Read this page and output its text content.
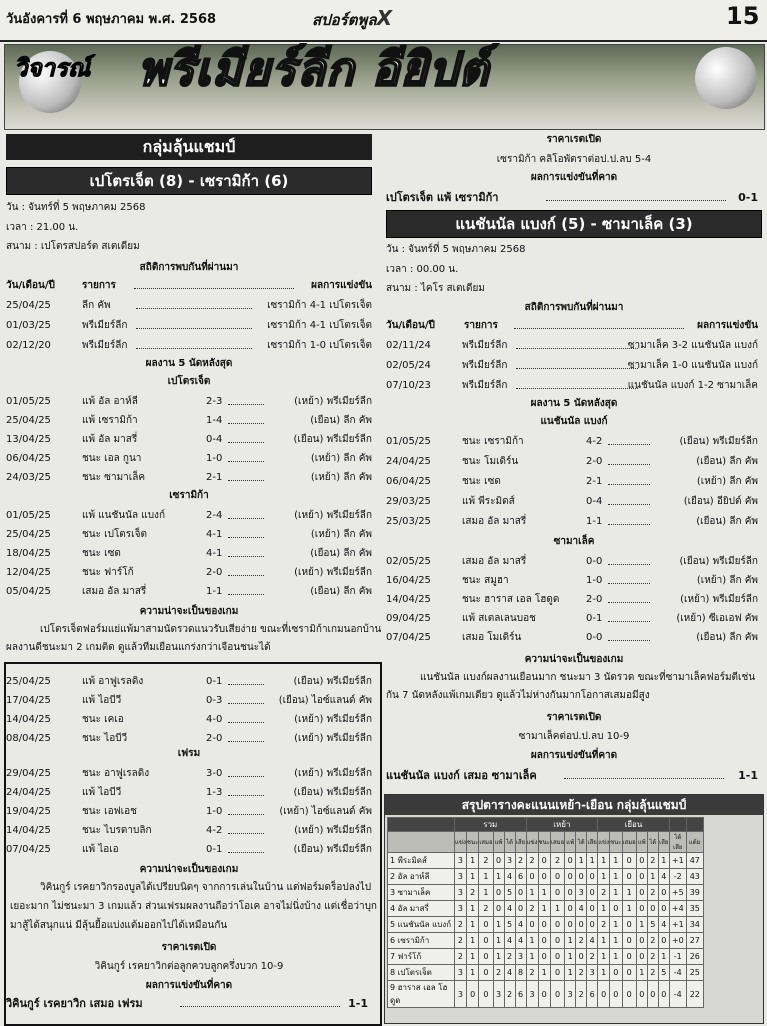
วันอังคารที่ 6 พฤษภาคม พ.ศ. 2568	สปอร์ตพูลX	15
วิจารณ์ พรีเมียร์ลีก อียิปต์
กลุ่มลุ้นแชมป์
เปโตรเจ็ต (8) - เซรามิก้า (6)
วัน : จันทร์ที่ 5 พฤษภาคม 2568
เวลา : 21.00 น.
สนาม : เปโตรสปอร์ต สเตเดียม
สถิติการพบกันที่ผ่านมา
วัน/เดือน/ปี	รายการ	ผลการแข่งขัน
25/04/25	ลีก คัพ	เซรามิก้า 4-1 เปโตรเจ็ต
01/03/25	พรีเมียร์ลีก	เซรามิก้า 4-1 เปโตรเจ็ต
02/12/20	พรีเมียร์ลีก	เซรามิก้า 1-0 เปโตรเจ็ต
ผลงาน 5 นัดหลังสุด
เปโตรเจ็ต
01/05/25	แพ้ อัล อาห์ลี	2-3	(เหย้า) พรีเมียร์ลีก
25/04/25	แพ้ เซรามิก้า	1-4	(เยือน) ลีก คัพ
13/04/25	แพ้ อัล มาสรี่	0-4	(เยือน) พรีเมียร์ลีก
06/04/25	ชนะ เอล กูนา	1-0	(เหย้า) ลีก คัพ
24/03/25	ชนะ ซามาเล็ค	2-1	(เหย้า) ลีก คัพ
เซรามิก้า
01/05/25	แพ้ แนชันนัล แบงก์	2-4	(เหย้า) พรีเมียร์ลีก
25/04/25	ชนะ เปโตรเจ็ต	4-1	(เหย้า) ลีก คัพ
18/04/25	ชนะ เซด	4-1	(เยือน) ลีก คัพ
12/04/25	ชนะ ฟาร์โก้	2-0	(เหย้า) พรีเมียร์ลีก
05/04/25	เสมอ อัล มาสรี่	1-1	(เยือน) ลีก คัพ
ความน่าจะเป็นของเกม
เปโตรเจ็ตฟอร์มแย่แพ้มาสามนัดรวดแนวรับเสียง่าย ขณะที่เซรามิก้าเกมนอกบ้าน
ผลงานดีชนะมา 2 เกมติด ดูแล้วทีมเยือนแกร่งกว่าเจือนชนะได้
25/04/25	แพ้ อาฟูเรลดิง	0-1	(เยือน) พรีเมียร์ลีก
17/04/25	แพ้ ไอบีวี	0-3	(เยือน) ไอซ์แลนด์ คัพ
14/04/25	ชนะ เคเอ	4-0	(เหย้า) พรีเมียร์ลีก
08/04/25	ชนะ ไอบีวี	2-0	(เหย้า) พรีเมียร์ลีก
เฟรม
29/04/25	ชนะ อาฟูเรลดิง	3-0	(เหย้า) พรีเมียร์ลีก
24/04/25	แพ้ ไอบีวี	1-3	(เยือน) พรีเมียร์ลีก
19/04/25	ชนะ เอฟเอช	1-0	(เหย้า) ไอซ์แลนด์ คัพ
14/04/25	ชนะ ไบรดาบลิก	4-2	(เหย้า) พรีเมียร์ลีก
07/04/25	แพ้ ไอเอ	0-1	(เยือน) พรีเมียร์ลีก
ความน่าจะเป็นของเกม
วิคินกูร์ เรคยาวิกรองบูลได้เปรียบนิดๆ จากการเล่นในบ้าน แต่ฟอร์มดร็อปลงไป
เยอะมาก ไม่ชนะมา 3 เกมแล้ว ส่วนเฟรมผลงานถือว่าโอเค อาจไม่นิ่งบ้าง แต่เชื่อว่าบุก
มาสู้ได้สนุกแน่ มีลุ้นยื้อแบ่งแต้มออกไปได้เหมือนกัน
ราคาเรตเปิด
วิคินกูร์ เรคยาวิกต่อลูกควบลูกครึ่งบวก 10-9
ผลการแข่งขันที่คาด
วิคินกูร์ เรคยาวิก เสมอ เฟรม	1-1
ราคาเรตเปิด
เซรามิก้า คลิโอพัตราต่อป.ป.ลบ 5-4
ผลการแข่งขันที่คาด
เปโตรเจ็ต แพ้ เซรามิก้า	0-1
แนชันนัล แบงก์ (5) - ซามาเล็ค (3)
วัน : จันทร์ที่ 5 พฤษภาคม 2568
เวลา : 00.00 น.
สนาม : ไคโร สเตเดียม
สถิติการพบกันที่ผ่านมา
วัน/เดือน/ปี	รายการ	ผลการแข่งขัน
02/11/24	พรีเมียร์ลีก	ซามาเล็ค 3-2 แนชันนัล แบงก์
02/05/24	พรีเมียร์ลีก	ซามาเล็ค 1-0 แนชันนัล แบงก์
07/10/23	พรีเมียร์ลีก	แนชันนัล แบงก์ 1-2 ซามาเล็ค
ผลงาน 5 นัดหลังสุด
แนชันนัล แบงก์
01/05/25	ชนะ เซรามิก้า	4-2	(เยือน) พรีเมียร์ลีก
24/04/25	ชนะ โมเดิร์น	2-0	(เยือน) ลีก คัพ
06/04/25	ชนะ เซด	2-1	(เหย้า) ลีก คัพ
29/03/25	แพ้ พีระมิดส์	0-4	(เยือน) อียิปต์ คัพ
25/03/25	เสมอ อัล มาสรี่	1-1	(เยือน) ลีก คัพ
ซามาเล็ค
02/05/25	เสมอ อัล มาสรี่	0-0	(เยือน) พรีเมียร์ลีก
16/04/25	ชนะ สมูฮา	1-0	(เหย้า) ลีก คัพ
14/04/25	ชนะ ฮาราส เอล โฮดูด	2-0	(เหย้า) พรีเมียร์ลีก
09/04/25	แพ้ สเตลเลนบอช	0-1	(เหย้า) ซีเอเอฟ คัพ
07/04/25	เสมอ โมเดิร์น	0-0	(เยือน) ลีก คัพ
ความน่าจะเป็นของเกม
แนชันนัล แบงก์ผลงานเยือนมาก ชนะมา 3 นัดรวด ขณะที่ซามาเล็คฟอร์มตีเช่น
กัน 7 นัดหลังแพ้เกมเดียว ดูแล้วไม่ห่างกันมากโอกาสเสมอมีสูง
ราคาเรตเปิด
ซามาเล็คต่อป.ป.ลบ 10-9
ผลการแข่งขันที่คาด
แนชันนัล แบงก์ เสมอ ซามาเล็ค	1-1
สรุปตารางคะแนนเหย้า-เยือน กลุ่มลุ้นแชมป์
	รวม						เหย้า						เยือน							
	แข่ง	ชนะ	เสมอ	แพ้	ได้	เสีย	แข่ง	ชนะ	เสมอ	แพ้	ได้	เสีย	แข่ง	ชนะ	เสมอ	แพ้	ได้	เสีย	ได้เสีย	แต้ม
1 พีระมิดส์	3	1	2	0	3	2	2	0	2	0	1	1	1	1	0	0	2	1	+1	47
2 อัล อาห์ลี	3	1	1	1	4	6	0	0	0	0	0	0	1	1	0	0	1	4	-2	43
3 ซามาเล็ค	3	2	1	0	5	0	1	1	0	0	3	0	2	1	1	0	2	0	+5	39
4 อัล มาสรี่	3	1	2	0	4	0	2	1	1	0	4	0	1	0	1	0	0	0	+4	35
5 แนชันนัล แบงก์	2	1	0	1	5	4	0	0	0	0	0	0	2	1	0	1	5	4	+1	34
6 เซรามิก้า	2	1	0	1	4	4	1	0	0	1	2	4	1	1	0	0	2	0	+0	27
7 ฟาร์โก้	2	1	0	1	2	3	1	0	0	1	0	2	1	1	0	0	2	1	-1	26
8 เปโตรเจ็ต	3	1	0	2	4	8	2	1	0	1	2	3	1	0	0	1	2	5	-4	25
9 ฮาราส เอล โฮดูด	3	0	0	3	2	6	3	0	0	3	2	6	0	0	0	0	0	0	-4	22
